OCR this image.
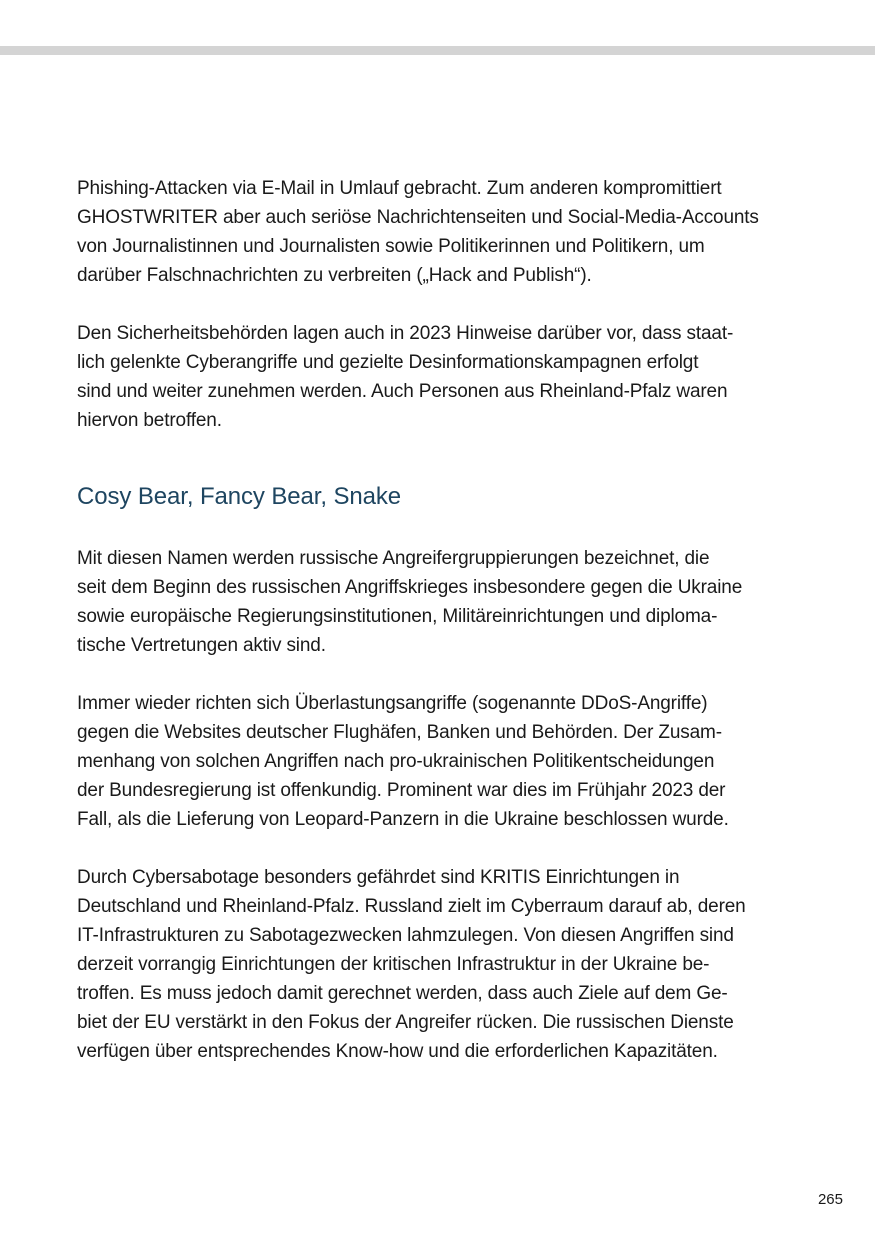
Phishing-Attacken via E-Mail in Umlauf gebracht. Zum anderen kompromittiert
GHOSTWRITER aber auch seriöse Nachrichtenseiten und Social-Media-Accounts
von Journalistinnen und Journalisten sowie Politikerinnen und Politikern, um
darüber Falschnachrichten zu verbreiten („Hack and Publish“).

Den Sicherheitsbehörden lagen auch in 2023 Hinweise darüber vor, dass staat-
lich gelenkte Cyberangriffe und gezielte Desinformationskampagnen erfolgt
sind und weiter zunehmen werden. Auch Personen aus Rheinland-Pfalz waren
hiervon betroffen.

Cosy Bear, Fancy Bear, Snake

Mit diesen Namen werden russische Angreifergruppierungen bezeichnet, die
seit dem Beginn des russischen Angriffskrieges insbesondere gegen die Ukraine
sowie europäische Regierungsinstitutionen, Militäreinrichtungen und diploma-
tische Vertretungen aktiv sind.

Immer wieder richten sich Überlastungsangriffe (sogenannte DDoS-Angriffe)
gegen die Websites deutscher Flughäfen, Banken und Behörden. Der Zusam-
menhang von solchen Angriffen nach pro-ukrainischen Politikentscheidungen
der Bundesregierung ist offenkundig. Prominent war dies im Frühjahr 2023 der
Fall, als die Lieferung von Leopard-Panzern in die Ukraine beschlossen wurde.

Durch Cybersabotage besonders gefährdet sind KRITIS Einrichtungen in
Deutschland und Rheinland-Pfalz. Russland zielt im Cyberraum darauf ab, deren
IT-Infrastrukturen zu Sabotagezwecken lahmzulegen. Von diesen Angriffen sind
derzeit vorrangig Einrichtungen der kritischen Infrastruktur in der Ukraine be-
troffen. Es muss jedoch damit gerechnet werden, dass auch Ziele auf dem Ge-
biet der EU verstärkt in den Fokus der Angreifer rücken. Die russischen Dienste
verfügen über entsprechendes Know-how und die erforderlichen Kapazitäten.

265
